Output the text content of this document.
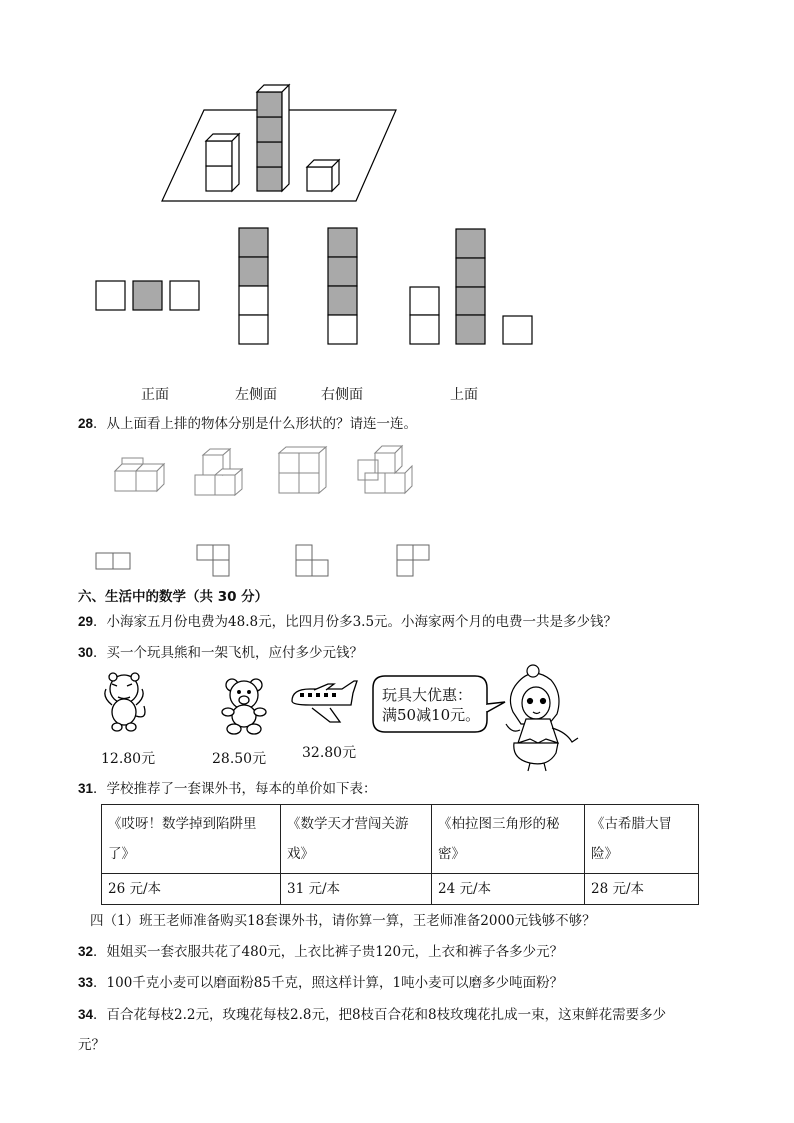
正面	左侧面	右侧面	上面
28．从上面看上排的物体分别是什么形状的？请连一连。
六、生活中的数学（共 30 分）
29．小海家五月份电费为48.8元，比四月份多3.5元。小海家两个月的电费一共是多少钱？
30．买一个玩具熊和一架飞机，应付多少元钱？
12.80元	28.50元	32.80元
玩具大优惠：
满50减10元。
31．学校推荐了一套课外书，每本的单价如下表：
《哎呀！数学掉到陷阱里
了》	《数学天才营闯关游
戏》	《柏拉图三角形的秘
密》	《古希腊大冒
险》
26 元/本	31 元/本	24 元/本	28 元/本
四（1）班王老师准备购买18套课外书，请你算一算，王老师准备2000元钱够不够？
32．姐姐买一套衣服共花了480元，上衣比裤子贵120元，上衣和裤子各多少元？
33．100千克小麦可以磨面粉85千克，照这样计算，1吨小麦可以磨多少吨面粉？
34．百合花每枝2.2元，玫瑰花每枝2.8元，把8枝百合花和8枝玫瑰花扎成一束，这束鲜花需要多少
元？
